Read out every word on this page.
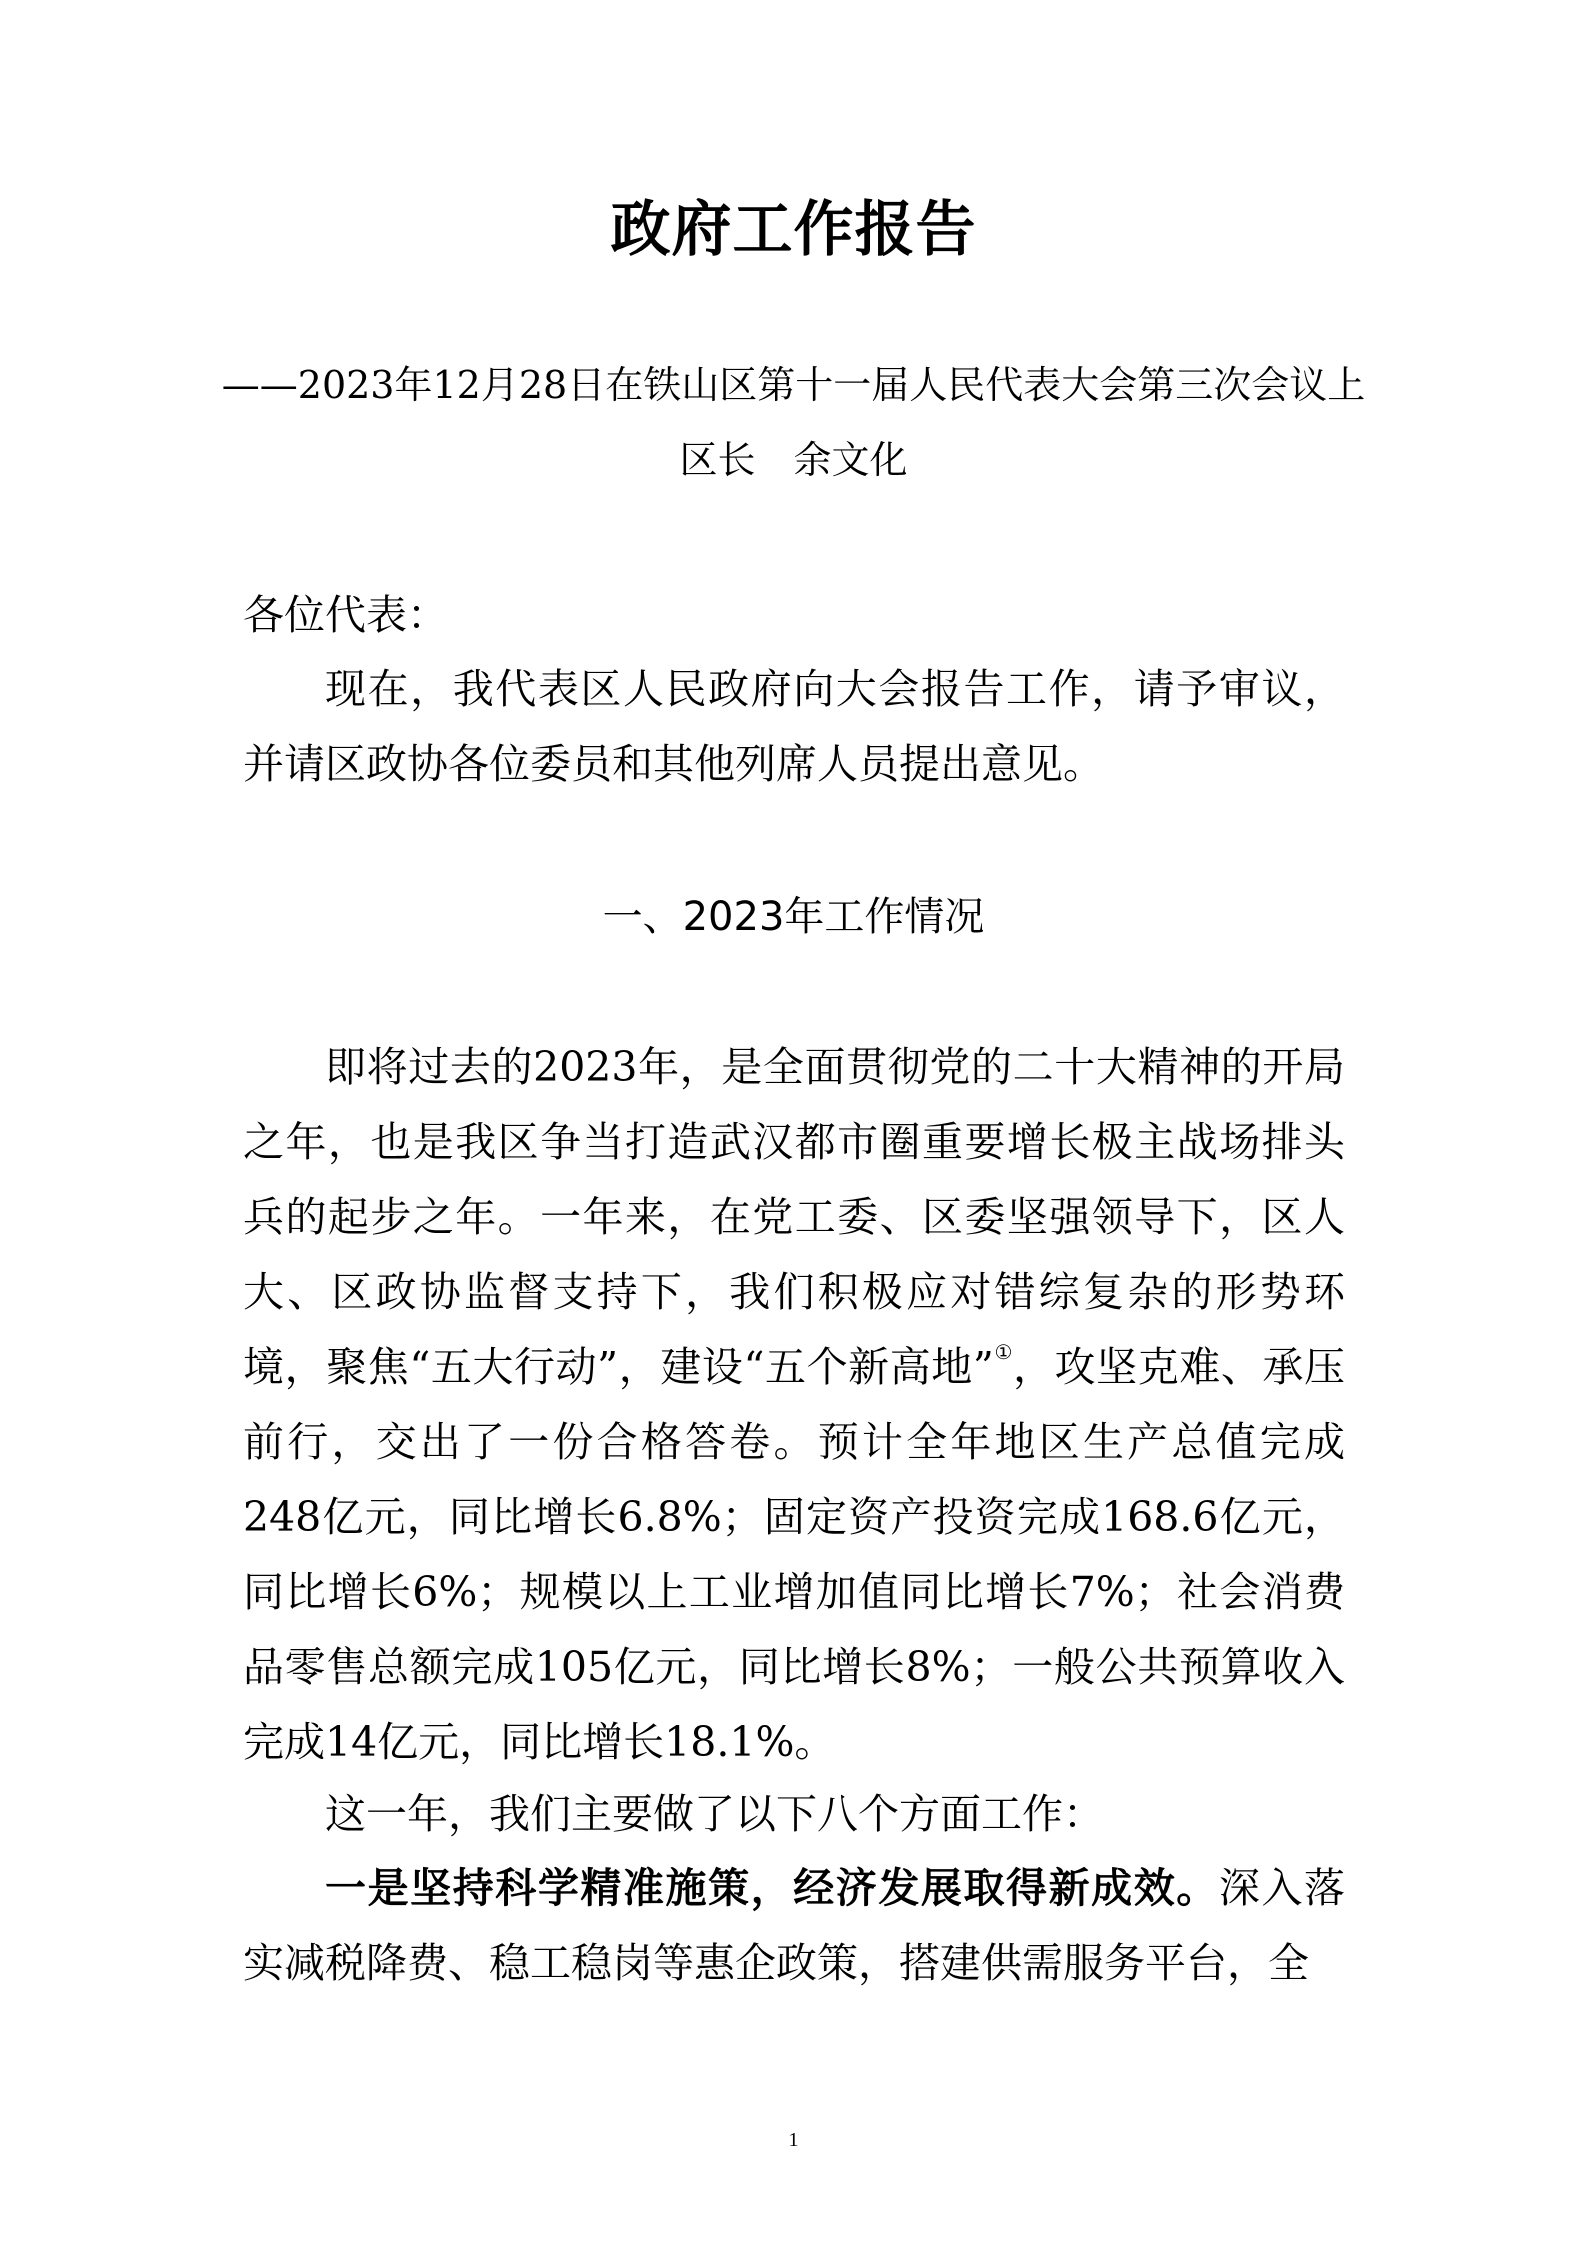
政府工作报告
——2023年12月28日在铁山区第十一届人民代表大会第三次会议上
区长　余文化
各位代表：

现在，我代表区人民政府向大会报告工作，请予审议，并请区政协各位委员和其他列席人员提出意见。

一、2023年工作情况

即将过去的2023年，是全面贯彻党的二十大精神的开局之年，也是我区争当打造武汉都市圈重要增长极主战场排头兵的起步之年。一年来，在党工委、区委坚强领导下，区人大、区政协监督支持下，我们积极应对错综复杂的形势环境，聚焦“五大行动”，建设“五个新高地”①，攻坚克难、承压前行，交出了一份合格答卷。预计全年地区生产总值完成248亿元，同比增长6.8%；固定资产投资完成168.6亿元，同比增长6%；规模以上工业增加值同比增长7%；社会消费品零售总额完成105亿元，同比增长8%；一般公共预算收入完成14亿元，同比增长18.1%。

这一年，我们主要做了以下八个方面工作：

一是坚持科学精准施策，经济发展取得新成效。深入落实减税降费、稳工稳岗等惠企政策，搭建供需服务平台，全

1
